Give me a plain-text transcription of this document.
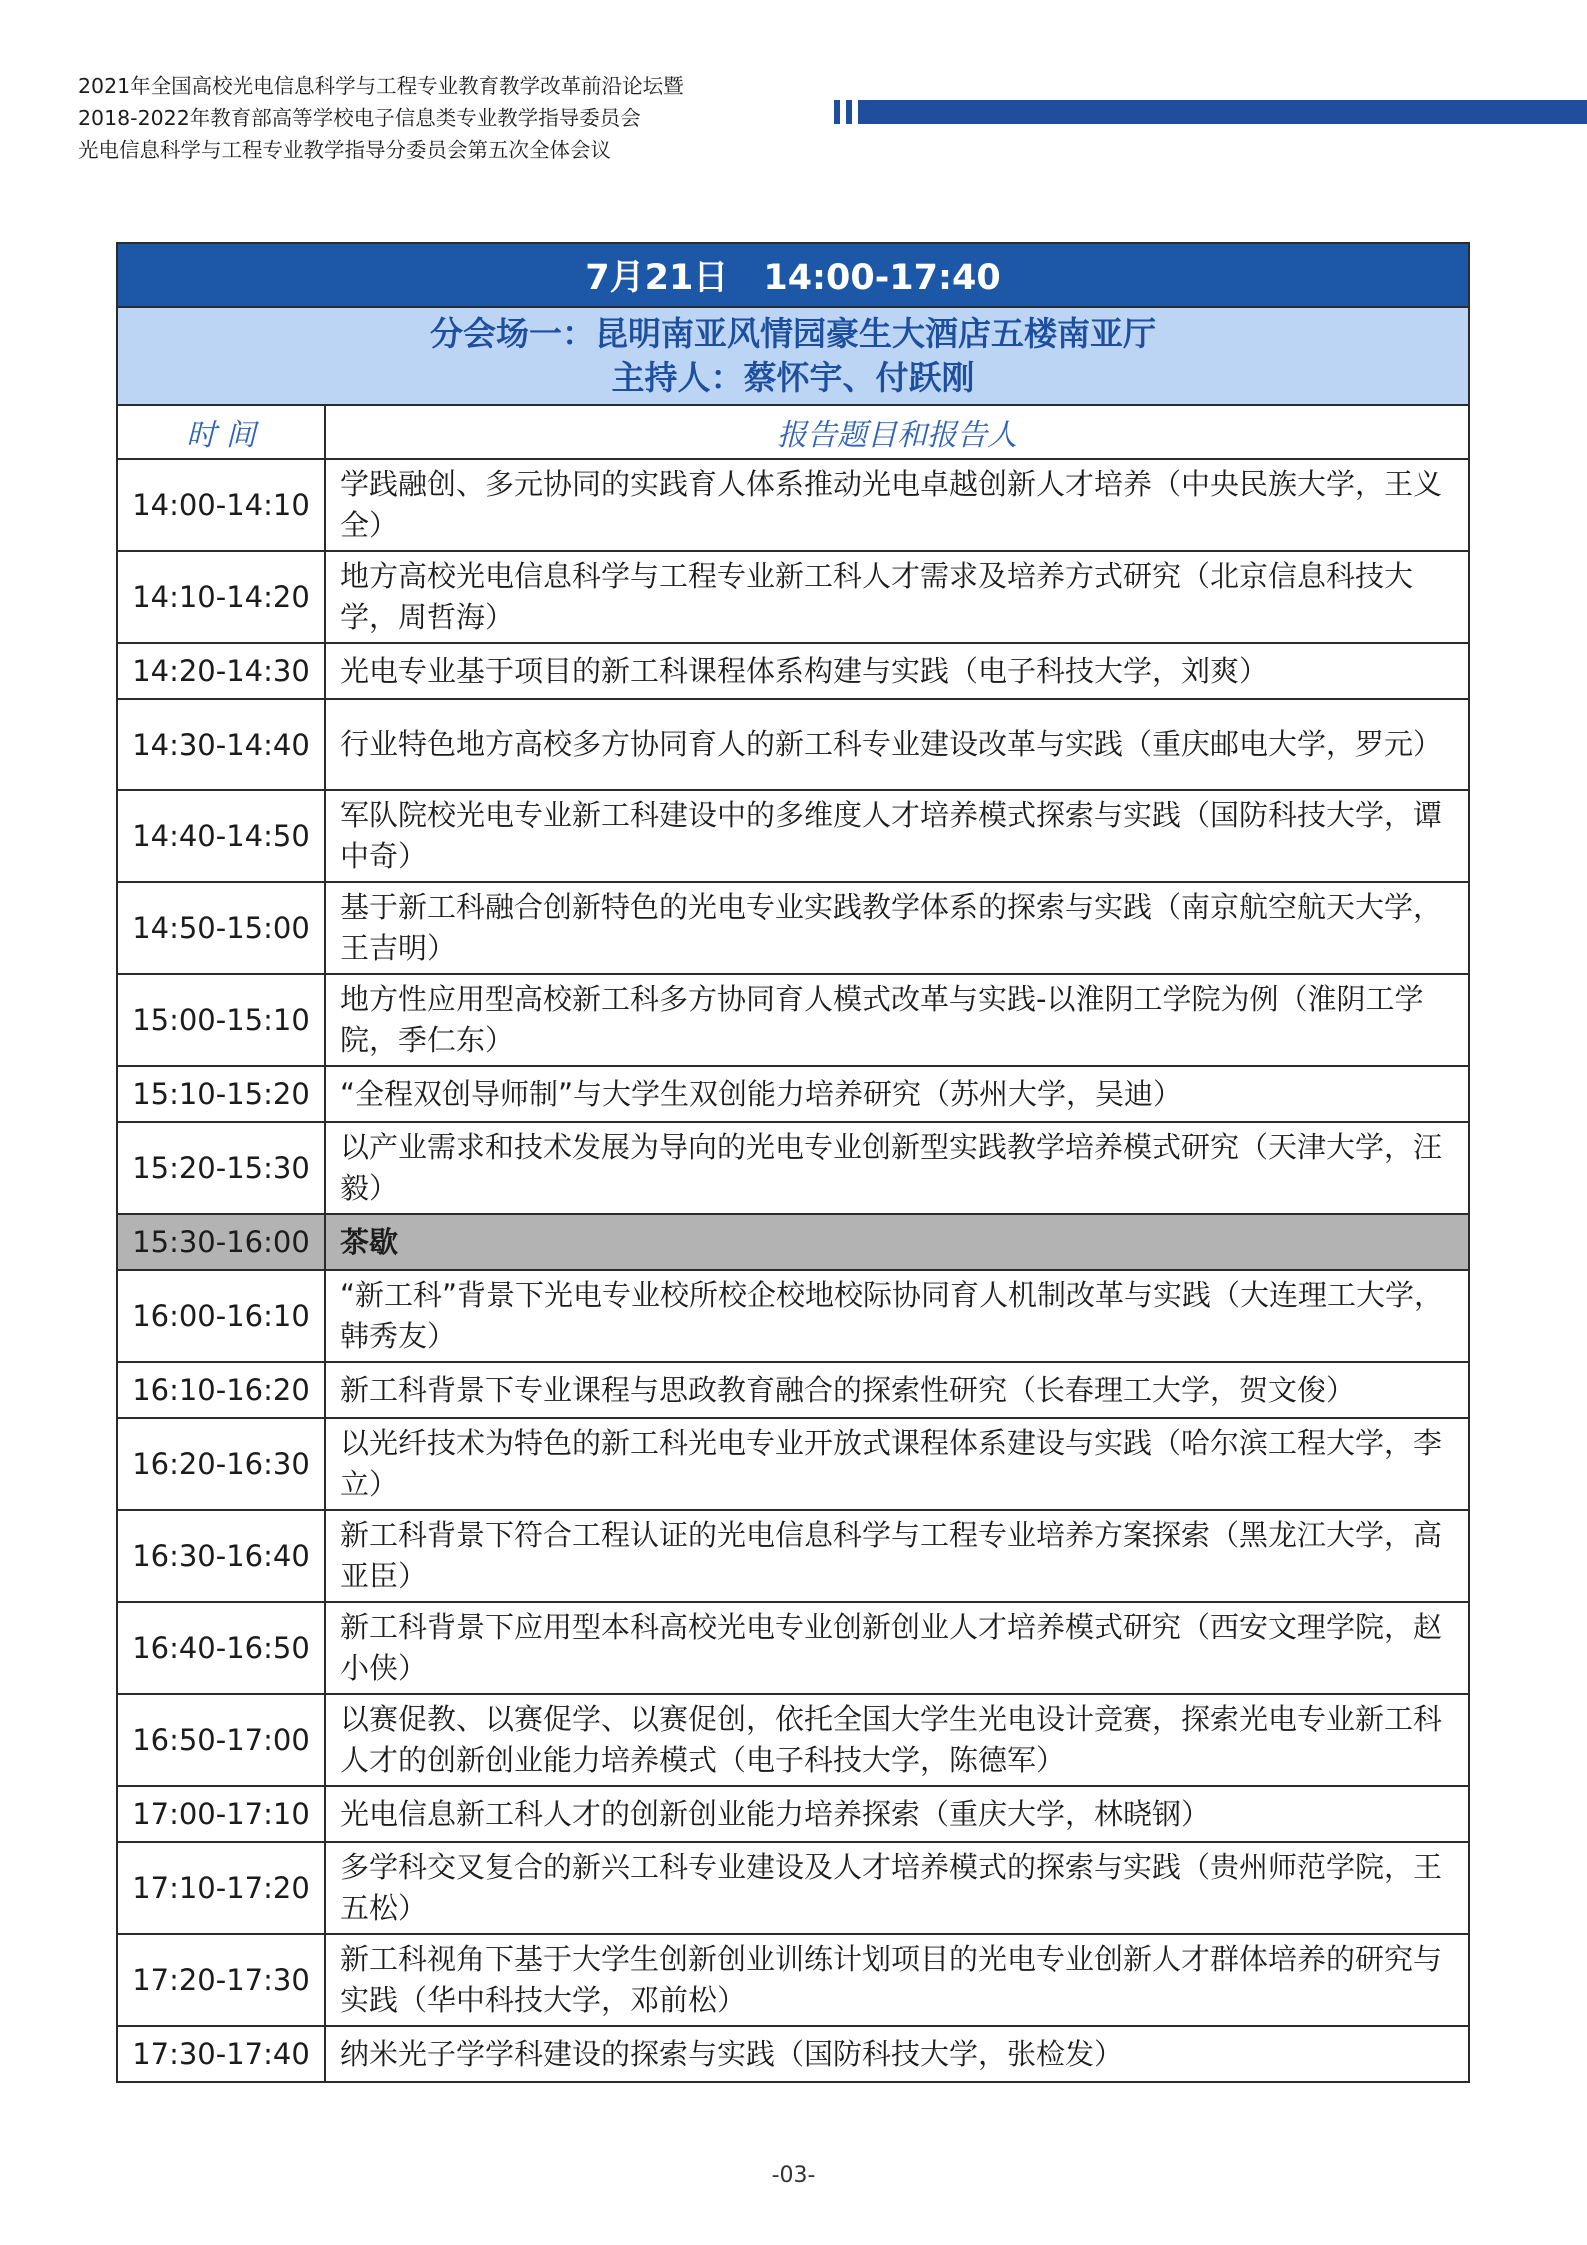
2021年全国高校光电信息科学与工程专业教育教学改革前沿论坛暨
2018-2022年教育部高等学校电子信息类专业教学指导委员会
光电信息科学与工程专业教学指导分委员会第五次全体会议
7月21日　14:00-17:40	

分会场一：昆明南亚风情园豪生大酒店五楼南亚厅
主持人：蔡怀宇、付跃刚	

时 间	报告题目和报告人
14:00-14:10	学践融创、多元协同的实践育人体系推动光电卓越创新人才培养（中央民族大学，王义全）
14:10-14:20	地方高校光电信息科学与工程专业新工科人才需求及培养方式研究（北京信息科技大学，周哲海）
14:20-14:30	光电专业基于项目的新工科课程体系构建与实践（电子科技大学，刘爽）
14:30-14:40	行业特色地方高校多方协同育人的新工科专业建设改革与实践（重庆邮电大学，罗元）
14:40-14:50	军队院校光电专业新工科建设中的多维度人才培养模式探索与实践（国防科技大学，谭中奇）
14:50-15:00	基于新工科融合创新特色的光电专业实践教学体系的探索与实践（南京航空航天大学，王吉明）
15:00-15:10	地方性应用型高校新工科多方协同育人模式改革与实践-以淮阴工学院为例（淮阴工学院，季仁东）
15:10-15:20	“全程双创导师制”与大学生双创能力培养研究（苏州大学，吴迪）
15:20-15:30	以产业需求和技术发展为导向的光电专业创新型实践教学培养模式研究（天津大学，汪毅）
15:30-16:00	茶歇
16:00-16:10	“新工科”背景下光电专业校所校企校地校际协同育人机制改革与实践（大连理工大学，韩秀友）
16:10-16:20	新工科背景下专业课程与思政教育融合的探索性研究（长春理工大学，贺文俊）
16:20-16:30	以光纤技术为特色的新工科光电专业开放式课程体系建设与实践（哈尔滨工程大学，李立）
16:30-16:40	新工科背景下符合工程认证的光电信息科学与工程专业培养方案探索（黑龙江大学，高亚臣）
16:40-16:50	新工科背景下应用型本科高校光电专业创新创业人才培养模式研究（西安文理学院，赵小侠）
16:50-17:00	以赛促教、以赛促学、以赛促创，依托全国大学生光电设计竞赛，探索光电专业新工科人才的创新创业能力培养模式（电子科技大学，陈德军）
17:00-17:10	光电信息新工科人才的创新创业能力培养探索（重庆大学，林晓钢）
17:10-17:20	多学科交叉复合的新兴工科专业建设及人才培养模式的探索与实践（贵州师范学院，王五松）
17:20-17:30	新工科视角下基于大学生创新创业训练计划项目的光电专业创新人才群体培养的研究与实践（华中科技大学，邓前松）
17:30-17:40	纳米光子学学科建设的探索与实践（国防科技大学，张检发）
-03-
